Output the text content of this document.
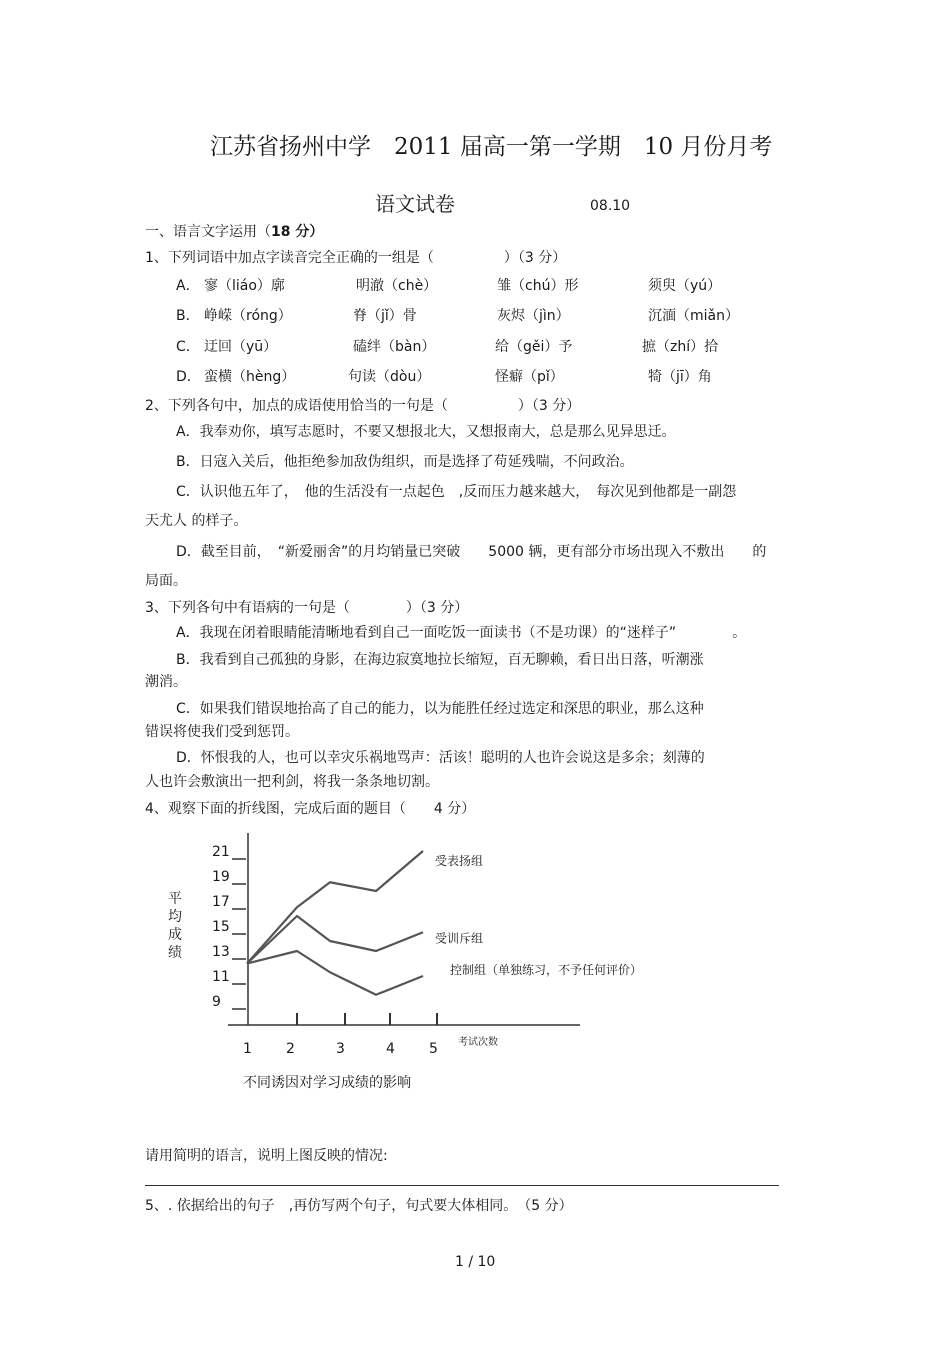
江苏省扬州中学　2011 届高一第一学期　10 月份月考
语文试卷	08.10
一、语言文字运用（18 分）
1、下列词语中加点字读音完全正确的一组是（　　　　　）（3 分）
A． 寥（liáo）廓	明澈（chè）	雏（chú）形	须臾（yú）
B． 峥嵘（róng）	脊（jǐ）骨	灰烬（jìn）	沉湎（miǎn）
C． 迂回（yū）	磕绊（bàn）	给（gěi）予	摭（zhí）拾
D． 蛮横（hèng）	句读（dòu）	怪癖（pǐ）	犄（jī）角
2、下列各句中，加点的成语使用恰当的一句是（　　　　　）（3 分）
A．我奉劝你，填写志愿时，不要又想报北大，又想报南大，总是那么见异思迁。
B．日寇入关后，他拒绝参加敌伪组织，而是选择了苟延残喘，不问政治。
C．认识他五年了，　他的生活没有一点起色　,反而压力越来越大，　每次见到他都是一副怨
天尤人 的样子。
D．截至目前，　“新爱丽舍”的月均销量已突破　　5000 辆，更有部分市场出现入不敷出　　的
局面。
3、下列各句中有语病的一句是（　　　　）（3 分）
A．我现在闭着眼睛能清晰地看到自己一面吃饭一面读书（不是功课）的“迷样子”　　　　。
B．我看到自己孤独的身影，在海边寂寞地拉长缩短，百无聊赖，看日出日落，听潮涨
潮消。
C．如果我们错误地抬高了自己的能力，以为能胜任经过选定和深思的职业，那么这种
错误将使我们受到惩罚。
D．怀恨我的人，也可以幸灾乐祸地骂声：活该！聪明的人也许会说这是多余；刻薄的
人也许会敷演出一把利剑，将我一条条地切割。
4、观察下面的折线图，完成后面的题目（　　4 分）
平均成绩
9
11
13
15
17
19
21
1 2	3	4 5
受表扬组
受训斥组
控制组（单独练习，不予任何评价）
考试次数
不同诱因对学习成绩的影响
请用简明的语言，说明上图反映的情况:
5、. 依据给出的句子　,再仿写两个句子，句式要大体相同。　（5 分）
1 / 10
